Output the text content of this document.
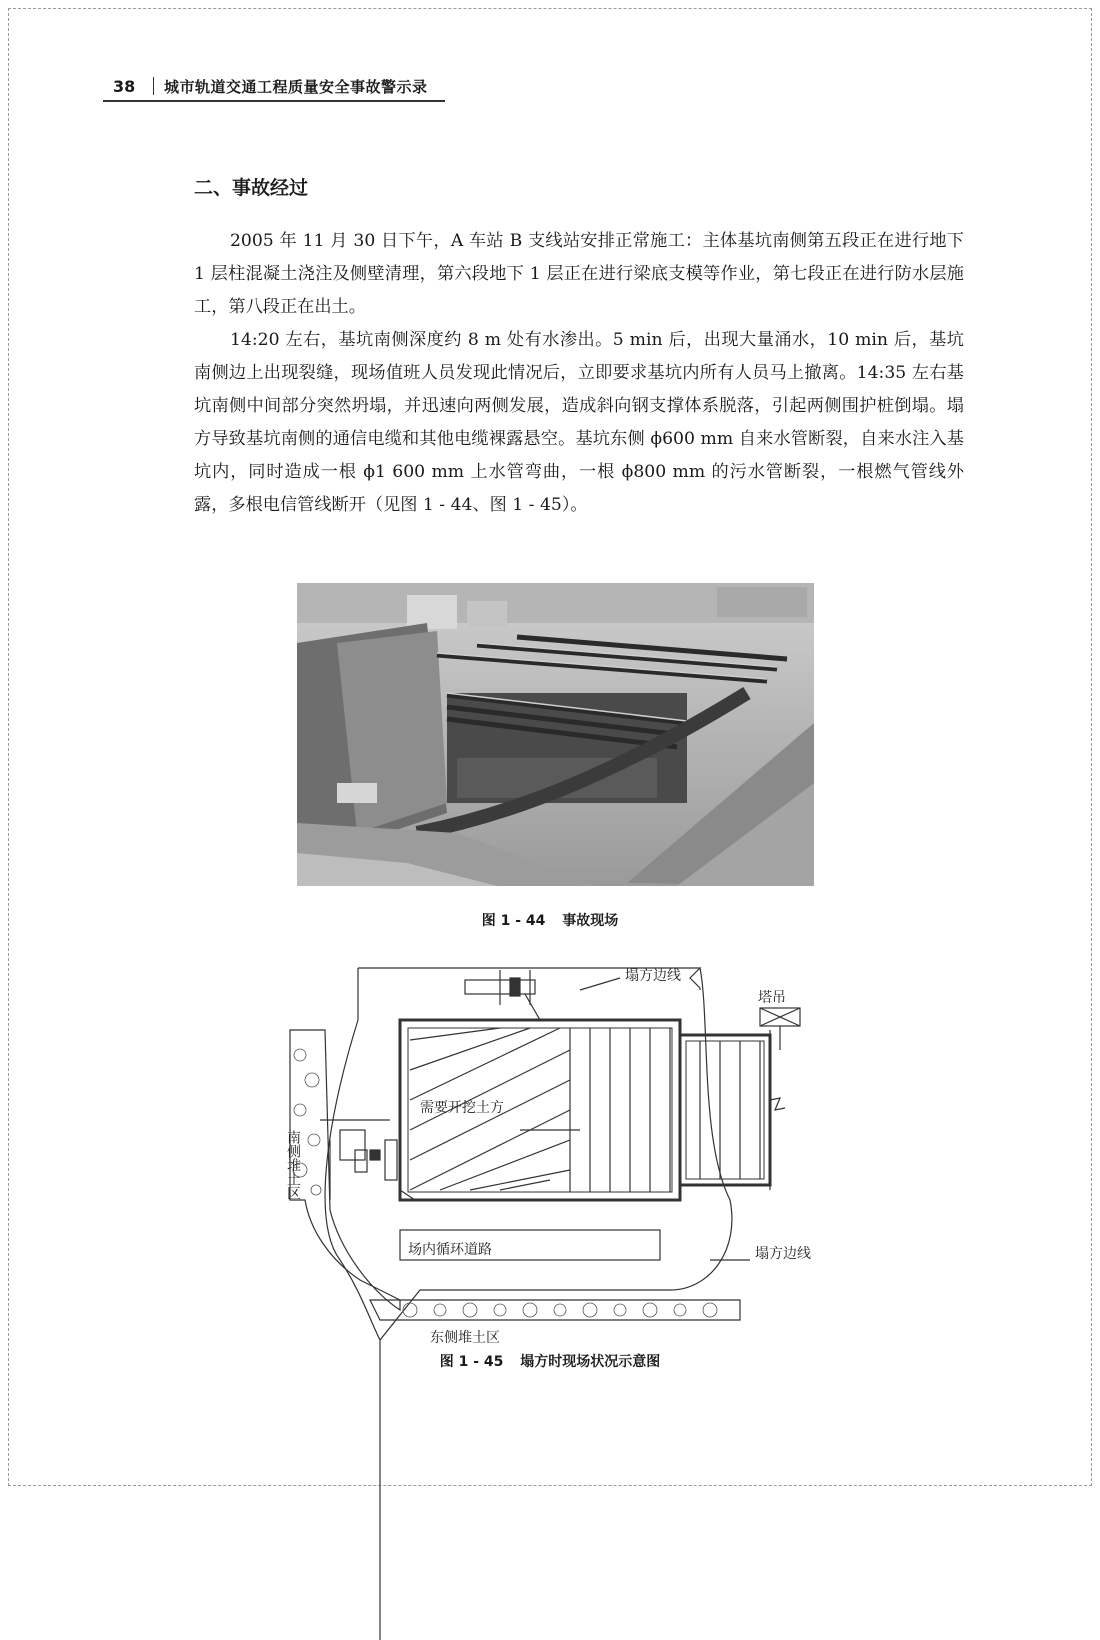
38	城市轨道交通工程质量安全事故警示录
二、事故经过

2005 年 11 月 30 日下午，A 车站 B 支线站安排正常施工：主体基坑南侧第五段正在进行地下 1 层柱混凝土浇注及侧壁清理，第六段地下 1 层正在进行梁底支模等作业，第七段正在进行防水层施工，第八段正在出土。

14:20 左右，基坑南侧深度约 8 m 处有水渗出。5 min 后，出现大量涌水，10 min 后，基坑南侧边上出现裂缝，现场值班人员发现此情况后，立即要求基坑内所有人员马上撤离。14:35 左右基坑南侧中间部分突然坍塌，并迅速向两侧发展，造成斜向钢支撑体系脱落，引起两侧围护桩倒塌。塌方导致基坑南侧的通信电缆和其他电缆裸露悬空。基坑东侧 ϕ600 mm 自来水管断裂，自来水注入基坑内，同时造成一根 ϕ1 600 mm 上水管弯曲，一根 ϕ800 mm 的污水管断裂，一根燃气管线外露，多根电信管线断开（见图 1 - 44、图 1 - 45）。

图 1 - 44 事故现场
塌方边线
塔吊
需要开挖土方
场内循环道路	塌方边线
东侧堆土区
南侧堆土区
图 1 - 45 塌方时现场状况示意图
